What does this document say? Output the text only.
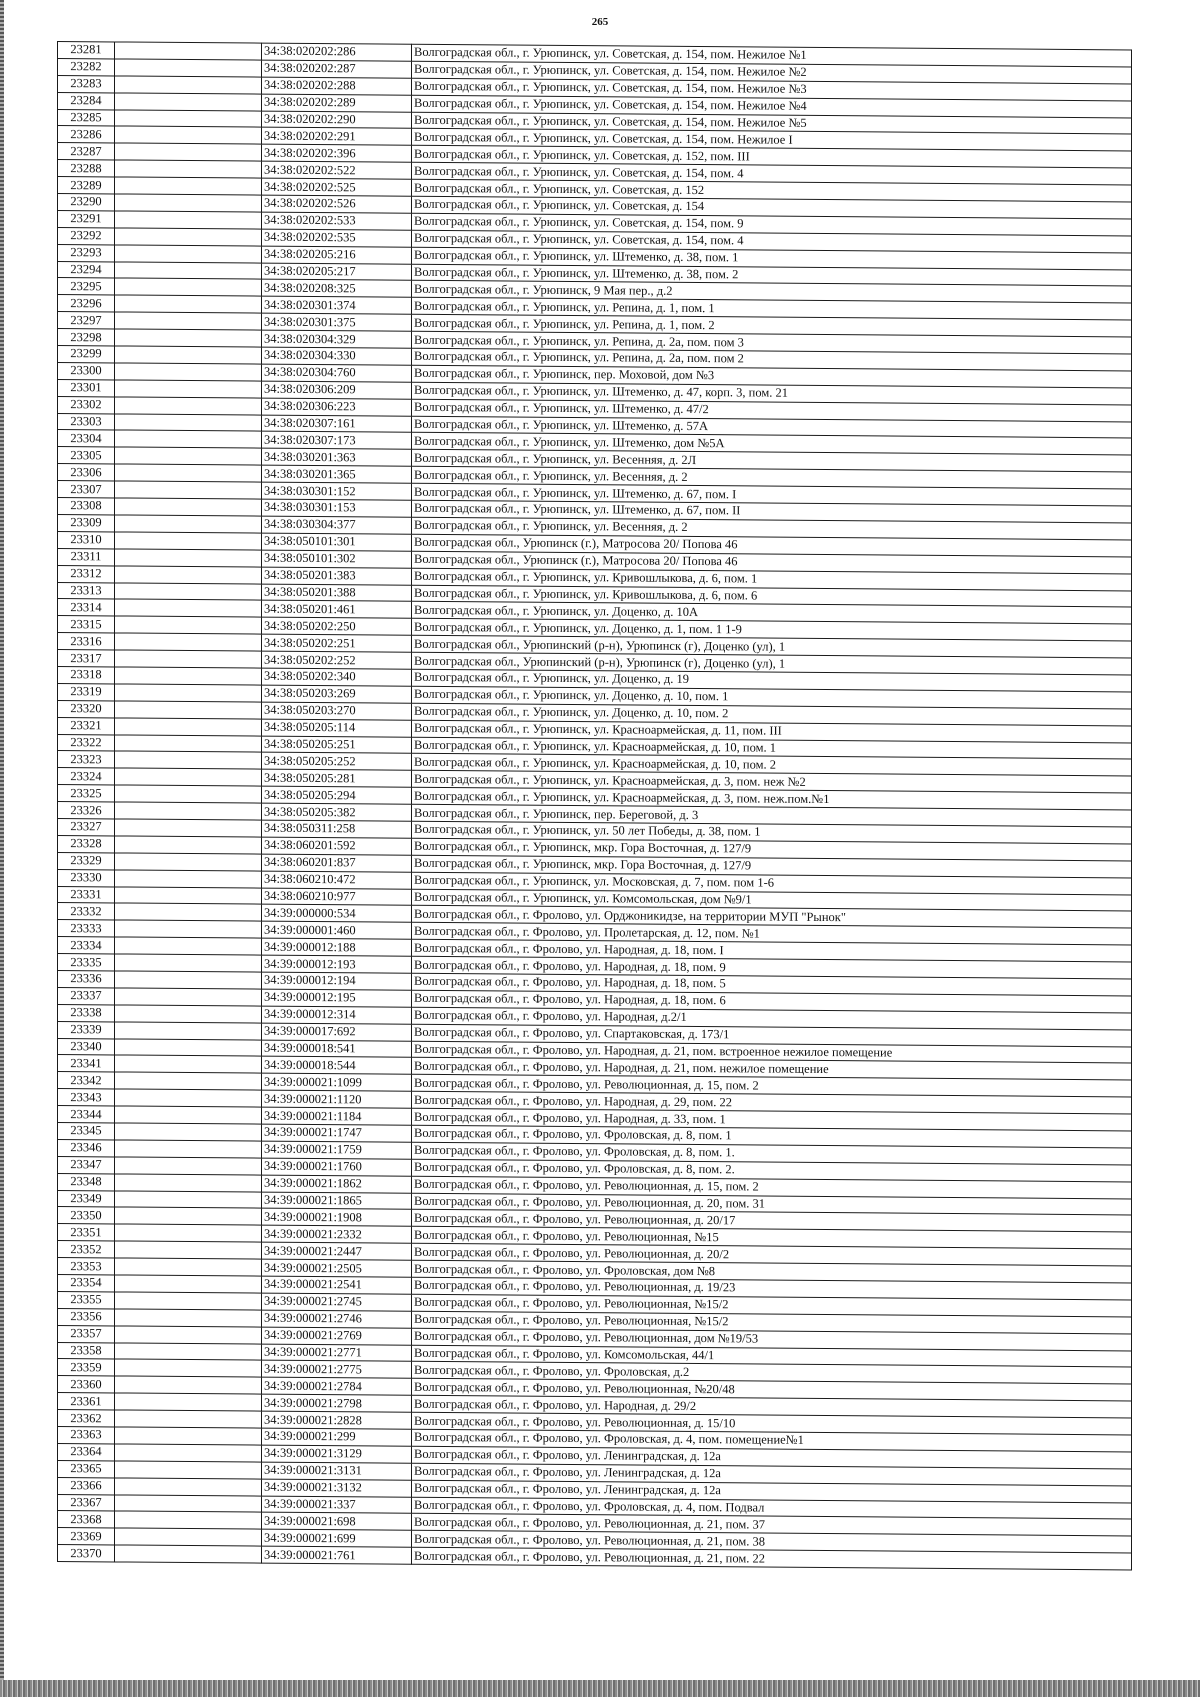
265
23281		34:38:020202:286	Волгоградская обл., г. Урюпинск, ул. Советская, д. 154, пом. Нежилое №1
23282		34:38:020202:287	Волгоградская обл., г. Урюпинск, ул. Советская, д. 154, пом. Нежилое №2
23283		34:38:020202:288	Волгоградская обл., г. Урюпинск, ул. Советская, д. 154, пом. Нежилое №3
23284		34:38:020202:289	Волгоградская обл., г. Урюпинск, ул. Советская, д. 154, пом. Нежилое №4
23285		34:38:020202:290	Волгоградская обл., г. Урюпинск, ул. Советская, д. 154, пом. Нежилое №5
23286		34:38:020202:291	Волгоградская обл., г. Урюпинск, ул. Советская, д. 154, пом. Нежилое I
23287		34:38:020202:396	Волгоградская обл., г. Урюпинск, ул. Советская, д. 152, пом. III
23288		34:38:020202:522	Волгоградская обл., г. Урюпинск, ул. Советская, д. 154, пом. 4
23289		34:38:020202:525	Волгоградская обл., г. Урюпинск, ул. Советская, д. 152
23290		34:38:020202:526	Волгоградская обл., г. Урюпинск, ул. Советская, д. 154
23291		34:38:020202:533	Волгоградская обл., г. Урюпинск, ул. Советская, д. 154, пом. 9
23292		34:38:020202:535	Волгоградская обл., г. Урюпинск, ул. Советская, д. 154, пом. 4
23293		34:38:020205:216	Волгоградская обл., г. Урюпинск, ул. Штеменко, д. 38, пом. 1
23294		34:38:020205:217	Волгоградская обл., г. Урюпинск, ул. Штеменко, д. 38, пом. 2
23295		34:38:020208:325	Волгоградская обл., г. Урюпинск, 9 Мая пер., д.2
23296		34:38:020301:374	Волгоградская обл., г. Урюпинск, ул. Репина, д. 1, пом. 1
23297		34:38:020301:375	Волгоградская обл., г. Урюпинск, ул. Репина, д. 1, пом. 2
23298		34:38:020304:329	Волгоградская обл., г. Урюпинск, ул. Репина, д. 2а, пом. пом 3
23299		34:38:020304:330	Волгоградская обл., г. Урюпинск, ул. Репина, д. 2а, пом. пом 2
23300		34:38:020304:760	Волгоградская обл., г. Урюпинск, пер. Моховой, дом №3
23301		34:38:020306:209	Волгоградская обл., г. Урюпинск, ул. Штеменко, д. 47, корп. 3, пом. 21
23302		34:38:020306:223	Волгоградская обл., г. Урюпинск, ул. Штеменко, д. 47/2
23303		34:38:020307:161	Волгоградская обл., г. Урюпинск, ул. Штеменко, д. 57А
23304		34:38:020307:173	Волгоградская обл., г. Урюпинск, ул. Штеменко, дом №5А
23305		34:38:030201:363	Волгоградская обл., г. Урюпинск, ул. Весенняя, д. 2Л
23306		34:38:030201:365	Волгоградская обл., г. Урюпинск, ул. Весенняя, д. 2
23307		34:38:030301:152	Волгоградская обл., г. Урюпинск, ул. Штеменко, д. 67, пом. I
23308		34:38:030301:153	Волгоградская обл., г. Урюпинск, ул. Штеменко, д. 67, пом. II
23309		34:38:030304:377	Волгоградская обл., г. Урюпинск, ул. Весенняя, д. 2
23310		34:38:050101:301	Волгоградская обл., Урюпинск (г.), Матросова 20/ Попова 46
23311		34:38:050101:302	Волгоградская обл., Урюпинск (г.), Матросова 20/ Попова 46
23312		34:38:050201:383	Волгоградская обл., г. Урюпинск, ул. Кривошлыкова, д. 6, пом. 1
23313		34:38:050201:388	Волгоградская обл., г. Урюпинск, ул. Кривошлыкова, д. 6, пом. 6
23314		34:38:050201:461	Волгоградская обл., г. Урюпинск, ул. Доценко, д. 10А
23315		34:38:050202:250	Волгоградская обл., г. Урюпинск, ул. Доценко, д. 1, пом. 1 1-9
23316		34:38:050202:251	Волгоградская обл., Урюпинский (р-н), Урюпинск (г), Доценко (ул), 1
23317		34:38:050202:252	Волгоградская обл., Урюпинский (р-н), Урюпинск (г), Доценко (ул), 1
23318		34:38:050202:340	Волгоградская обл., г. Урюпинск, ул. Доценко, д. 19
23319		34:38:050203:269	Волгоградская обл., г. Урюпинск, ул. Доценко, д. 10, пом. 1
23320		34:38:050203:270	Волгоградская обл., г. Урюпинск, ул. Доценко, д. 10, пом. 2
23321		34:38:050205:114	Волгоградская обл., г. Урюпинск, ул. Красноармейская, д. 11, пом. III
23322		34:38:050205:251	Волгоградская обл., г. Урюпинск, ул. Красноармейская, д. 10, пом. 1
23323		34:38:050205:252	Волгоградская обл., г. Урюпинск, ул. Красноармейская, д. 10, пом. 2
23324		34:38:050205:281	Волгоградская обл., г. Урюпинск, ул. Красноармейская, д. 3, пом. неж №2
23325		34:38:050205:294	Волгоградская обл., г. Урюпинск, ул. Красноармейская, д. 3, пом. неж.пом.№1
23326		34:38:050205:382	Волгоградская обл., г. Урюпинск, пер. Береговой, д. 3
23327		34:38:050311:258	Волгоградская обл., г. Урюпинск, ул. 50 лет Победы, д. 38, пом. 1
23328		34:38:060201:592	Волгоградская обл., г. Урюпинск, мкр. Гора Восточная, д. 127/9
23329		34:38:060201:837	Волгоградская обл., г. Урюпинск, мкр. Гора Восточная, д. 127/9
23330		34:38:060210:472	Волгоградская обл., г. Урюпинск, ул. Московская, д. 7, пом. пом 1-6
23331		34:38:060210:977	Волгоградская обл., г. Урюпинск, ул. Комсомольская, дом №9/1
23332		34:39:000000:534	Волгоградская обл., г. Фролово, ул. Орджоникидзе, на территории МУП "Рынок"
23333		34:39:000001:460	Волгоградская обл., г. Фролово, ул. Пролетарская, д. 12, пом. №1
23334		34:39:000012:188	Волгоградская обл., г. Фролово, ул. Народная, д. 18, пом. I
23335		34:39:000012:193	Волгоградская обл., г. Фролово, ул. Народная, д. 18, пом. 9
23336		34:39:000012:194	Волгоградская обл., г. Фролово, ул. Народная, д. 18, пом. 5
23337		34:39:000012:195	Волгоградская обл., г. Фролово, ул. Народная, д. 18, пом. 6
23338		34:39:000012:314	Волгоградская обл., г. Фролово, ул. Народная, д.2/1
23339		34:39:000017:692	Волгоградская обл., г. Фролово, ул. Спартаковская, д. 173/1
23340		34:39:000018:541	Волгоградская обл., г. Фролово, ул. Народная, д. 21, пом. встроенное нежилое помещение
23341		34:39:000018:544	Волгоградская обл., г. Фролово, ул. Народная, д. 21, пом. нежилое помещение
23342		34:39:000021:1099	Волгоградская обл., г. Фролово, ул. Революционная, д. 15, пом. 2
23343		34:39:000021:1120	Волгоградская обл., г. Фролово, ул. Народная, д. 29, пом. 22
23344		34:39:000021:1184	Волгоградская обл., г. Фролово, ул. Народная, д. 33, пом. 1
23345		34:39:000021:1747	Волгоградская обл., г. Фролово, ул. Фроловская, д. 8, пом. 1
23346		34:39:000021:1759	Волгоградская обл., г. Фролово, ул. Фроловская, д. 8, пом. 1.
23347		34:39:000021:1760	Волгоградская обл., г. Фролово, ул. Фроловская, д. 8, пом. 2.
23348		34:39:000021:1862	Волгоградская обл., г. Фролово, ул. Революционная, д. 15, пом. 2
23349		34:39:000021:1865	Волгоградская обл., г. Фролово, ул. Революционная, д. 20, пом. 31
23350		34:39:000021:1908	Волгоградская обл., г. Фролово, ул. Революционная, д. 20/17
23351		34:39:000021:2332	Волгоградская обл., г. Фролово, ул. Революционная, №15
23352		34:39:000021:2447	Волгоградская обл., г. Фролово, ул. Революционная, д. 20/2
23353		34:39:000021:2505	Волгоградская обл., г. Фролово, ул. Фроловская, дом №8
23354		34:39:000021:2541	Волгоградская обл., г. Фролово, ул. Революционная, д. 19/23
23355		34:39:000021:2745	Волгоградская обл., г. Фролово, ул. Революционная, №15/2
23356		34:39:000021:2746	Волгоградская обл., г. Фролово, ул. Революционная, №15/2
23357		34:39:000021:2769	Волгоградская обл., г. Фролово, ул. Революционная, дом №19/53
23358		34:39:000021:2771	Волгоградская обл., г. Фролово, ул. Комсомольская, 44/1
23359		34:39:000021:2775	Волгоградская обл., г. Фролово, ул. Фроловская, д.2
23360		34:39:000021:2784	Волгоградская обл., г. Фролово, ул. Революционная, №20/48
23361		34:39:000021:2798	Волгоградская обл., г. Фролово, ул. Народная, д. 29/2
23362		34:39:000021:2828	Волгоградская обл., г. Фролово, ул. Революционная, д. 15/10
23363		34:39:000021:299	Волгоградская обл., г. Фролово, ул. Фроловская, д. 4, пом. помещение№1
23364		34:39:000021:3129	Волгоградская обл., г. Фролово, ул. Ленинградская, д. 12а
23365		34:39:000021:3131	Волгоградская обл., г. Фролово, ул. Ленинградская, д. 12а
23366		34:39:000021:3132	Волгоградская обл., г. Фролово, ул. Ленинградская, д. 12а
23367		34:39:000021:337	Волгоградская обл., г. Фролово, ул. Фроловская, д. 4, пом. Подвал
23368		34:39:000021:698	Волгоградская обл., г. Фролово, ул. Революционная, д. 21, пом. 37
23369		34:39:000021:699	Волгоградская обл., г. Фролово, ул. Революционная, д. 21, пом. 38
23370		34:39:000021:761	Волгоградская обл., г. Фролово, ул. Революционная, д. 21, пом. 22
